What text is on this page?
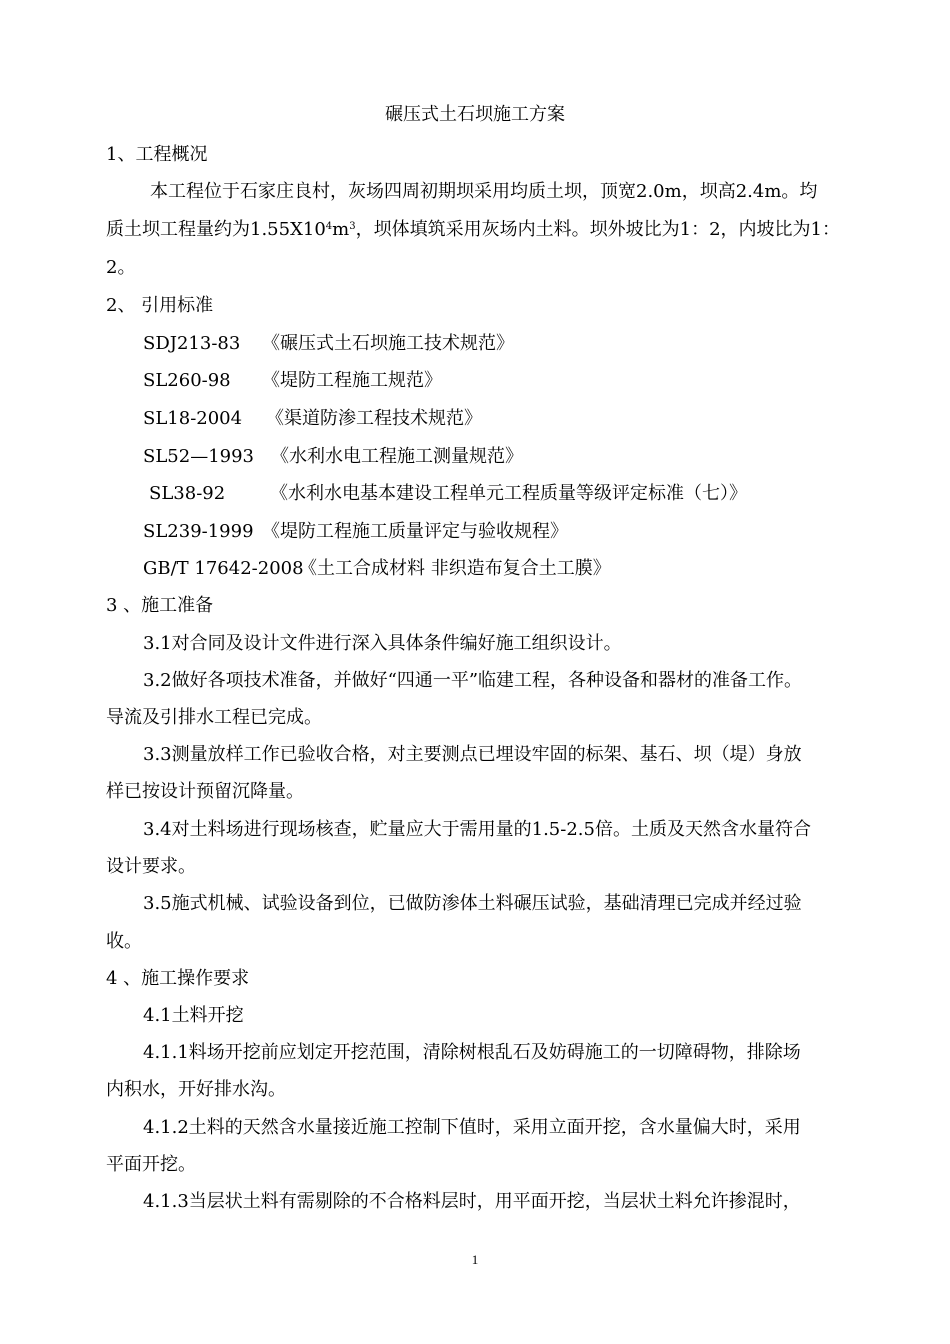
碾压式土石坝施工方案
1、工程概况
本工程位于石家庄良村，灰场四周初期坝采用均质土坝，顶宽2.0m，坝高2.4m。均
质土坝工程量约为$1.55X10^4m^3$，坝体填筑采用灰场内土料。坝外坡比为1：2，内坡比为1：
2。
2、 引用标准
SDJ213-83 《碾压式土石坝施工技术规范》
SL260-98 《堤防工程施工规范》
SL18-2004 《渠道防渗工程技术规范》
SL52—1993 《水利水电工程施工测量规范》
SL38-92 《水利水电基本建设工程单元工程质量等级评定标准（七）》
SL239-1999 《堤防工程施工质量评定与验收规程》
GB/T 17642-2008
《土工合成材料 非织造布复合土工膜》
3 、施工准备
3.1对合同及设计文件进行深入具体条件编好施工组织设计。
3.2做好各项技术准备，并做好“四通一平”临建工程，各种设备和器材的准备工作。
导流及引排水工程已完成。
3.3测量放样工作已验收合格，对主要测点已埋设牢固的标架、基石、坝（堤）身放
样已按设计预留沉降量。
3.4对土料场进行现场核查，贮量应大于需用量的1.5-2.5倍。土质及天然含水量符合
设计要求。
3.5施式机械、试验设备到位，已做防渗体土料碾压试验，基础清理已完成并经过验
收。
4 、施工操作要求
4.1土料开挖
4.1.1料场开挖前应划定开挖范围，清除树根乱石及妨碍施工的一切障碍物，排除场
内积水，开好排水沟。
4.1.2土料的天然含水量接近施工控制下值时，采用立面开挖，含水量偏大时，采用
平面开挖。
4.1.3当层状土料有需剔除的不合格料层时，用平面开挖，当层状土料允许掺混时，
1
